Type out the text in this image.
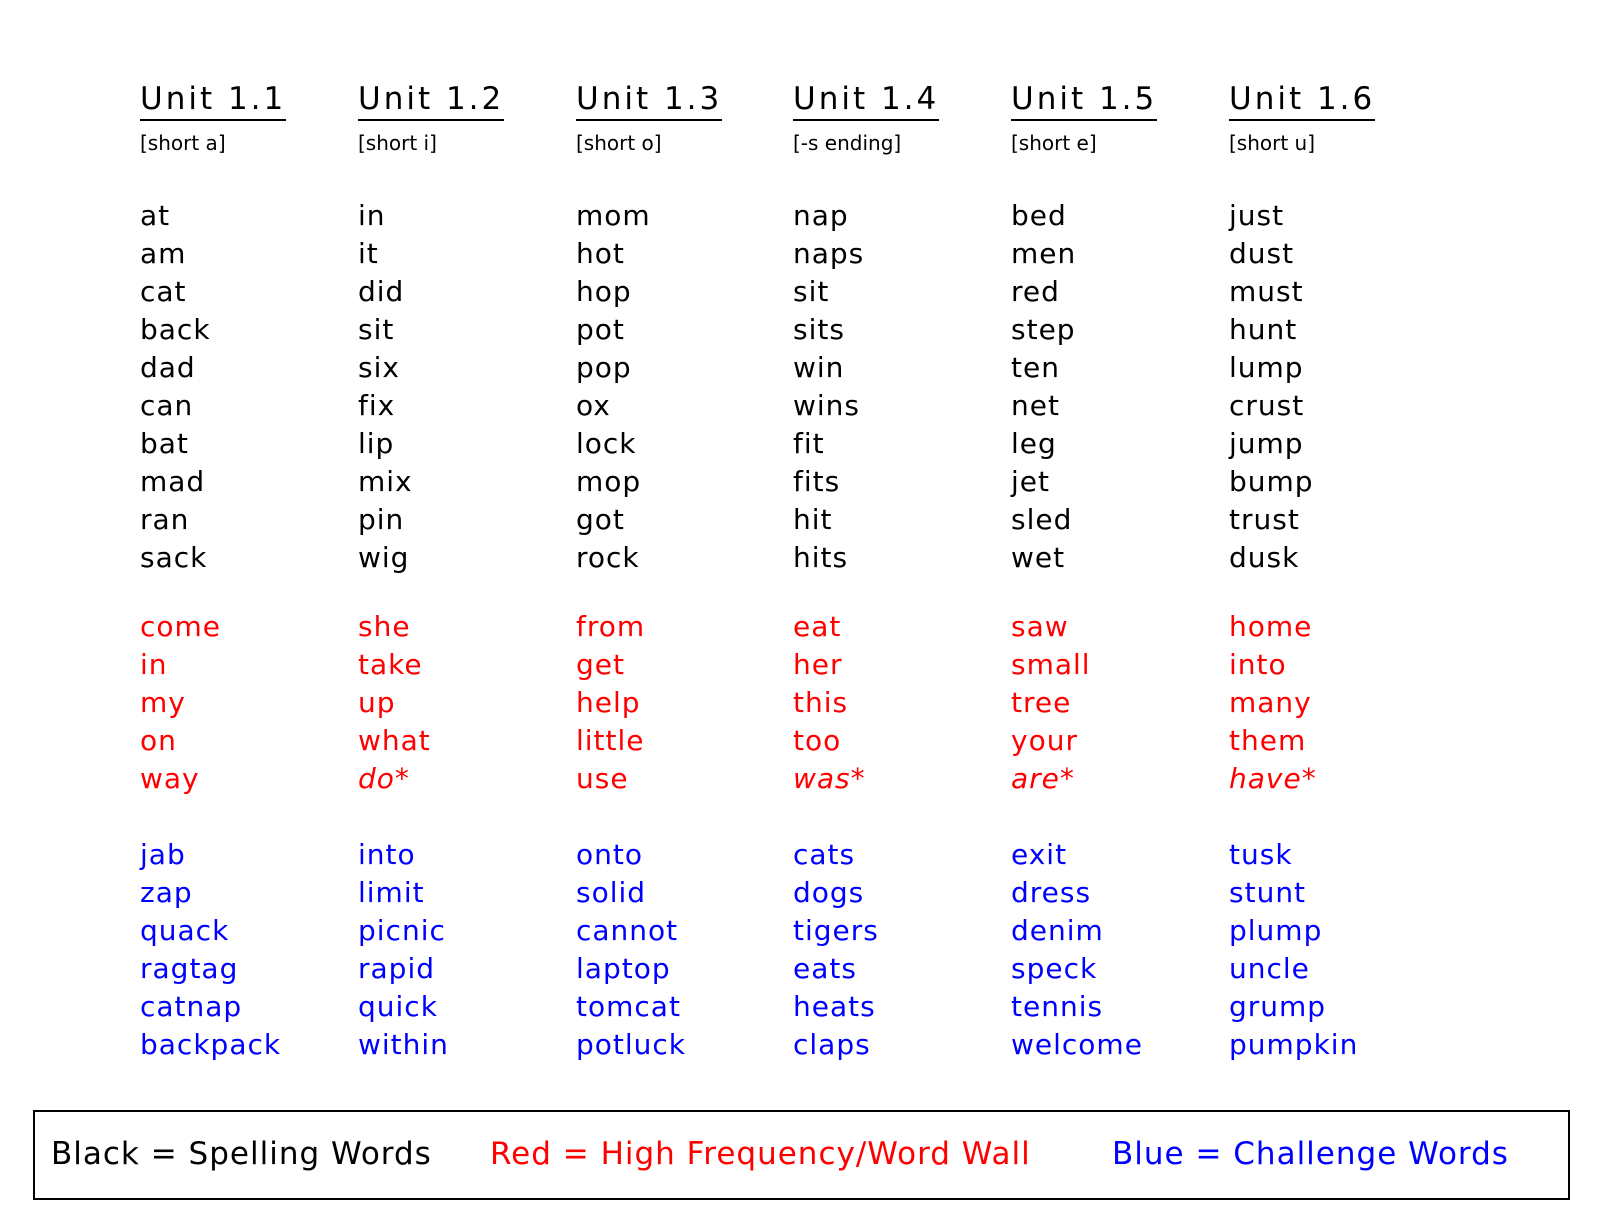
Unit 1.1
[short a]
at
am
cat
back
dad
can
bat
mad
ran
sack
come
in
my
on
way
jab
zap
quack
ragtag
catnap
backpack
Unit 1.2
[short i]
in
it
did
sit
six
fix
lip
mix
pin
wig
she
take
up
what
do*
into
limit
picnic
rapid
quick
within
Unit 1.3
[short o]
mom
hot
hop
pot
pop
ox
lock
mop
got
rock
from
get
help
little
use
onto
solid
cannot
laptop
tomcat
potluck
Unit 1.4
[-s ending]
nap
naps
sit
sits
win
wins
fit
fits
hit
hits
eat
her
this
too
was*
cats
dogs
tigers
eats
heats
claps
Unit 1.5
[short e]
bed
men
red
step
ten
net
leg
jet
sled
wet
saw
small
tree
your
are*
exit
dress
denim
speck
tennis
welcome
Unit 1.6
[short u]
just
dust
must
hunt
lump
crust
jump
bump
trust
dusk
home
into
many
them
have*
tusk
stunt
plump
uncle
grump
pumpkin
Black = Spelling Words Red = High Frequency/Word Wall	Blue = Challenge Words
